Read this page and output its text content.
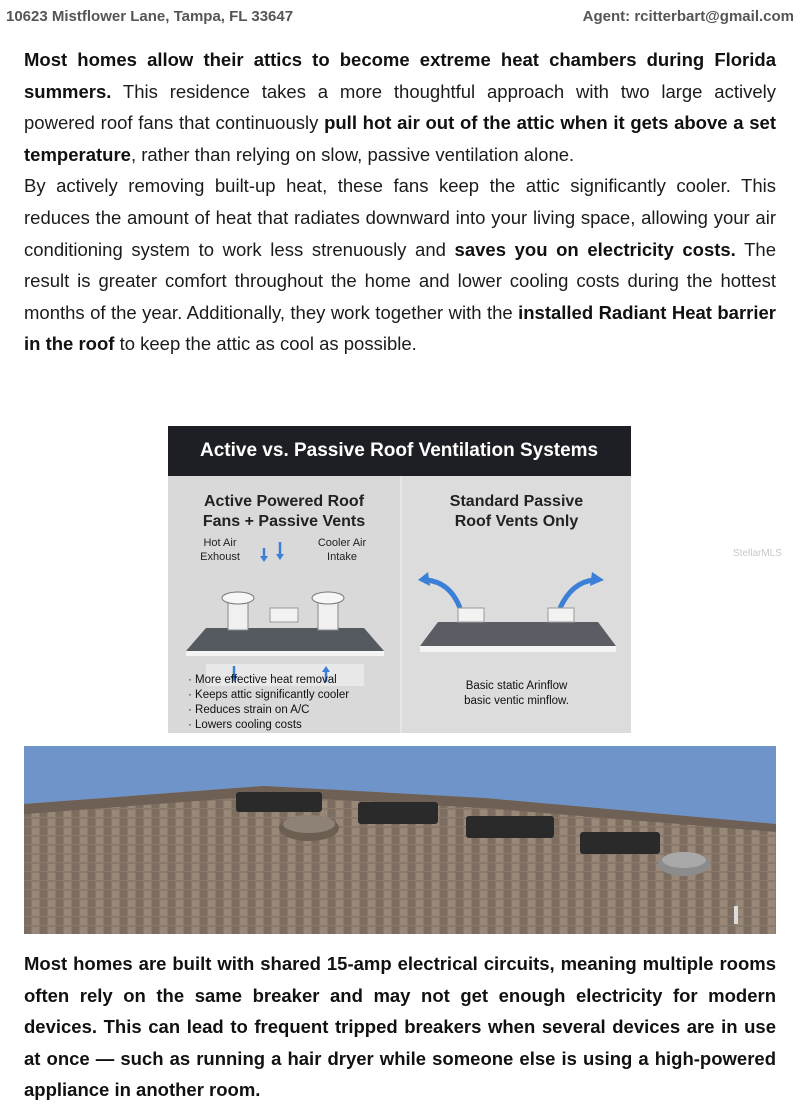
10623 Mistflower Lane, Tampa, FL 33647	Agent: rcitterbart@gmail.com

Most homes allow their attics to become extreme heat chambers during Florida summers. This residence takes a more thoughtful approach with two large actively powered roof fans that continuously pull hot air out of the attic when it gets above a set temperature, rather than relying on slow, passive ventilation alone.

By actively removing built-up heat, these fans keep the attic significantly cooler. This reduces the amount of heat that radiates downward into your living space, allowing your air conditioning system to work less strenuously and saves you on electricity costs. The result is greater comfort throughout the home and lower cooling costs during the hottest months of the year. Additionally, they work together with the installed Radiant Heat barrier in the roof to keep the attic as cool as possible.

Active vs. Passive Roof Ventilation Systems
Active Powered Roof
Fans + Passive Vents
Hot Air Exhoust
Cooler Air Intake
· More effective heat removal
· Keeps attic significantly cooler
· Reduces strain on A/C
· Lowers cooling costs
Standard Passive
Roof Vents Only
Basic static Arinflow
basic ventic minflow.
StellarMLS
Most homes are built with shared 15-amp electrical circuits, meaning multiple rooms often rely on the same breaker and may not get enough electricity for modern devices. This can lead to frequent tripped breakers when several devices are in use at once — such as running a hair dryer while someone else is using a high-powered appliance in another room.
